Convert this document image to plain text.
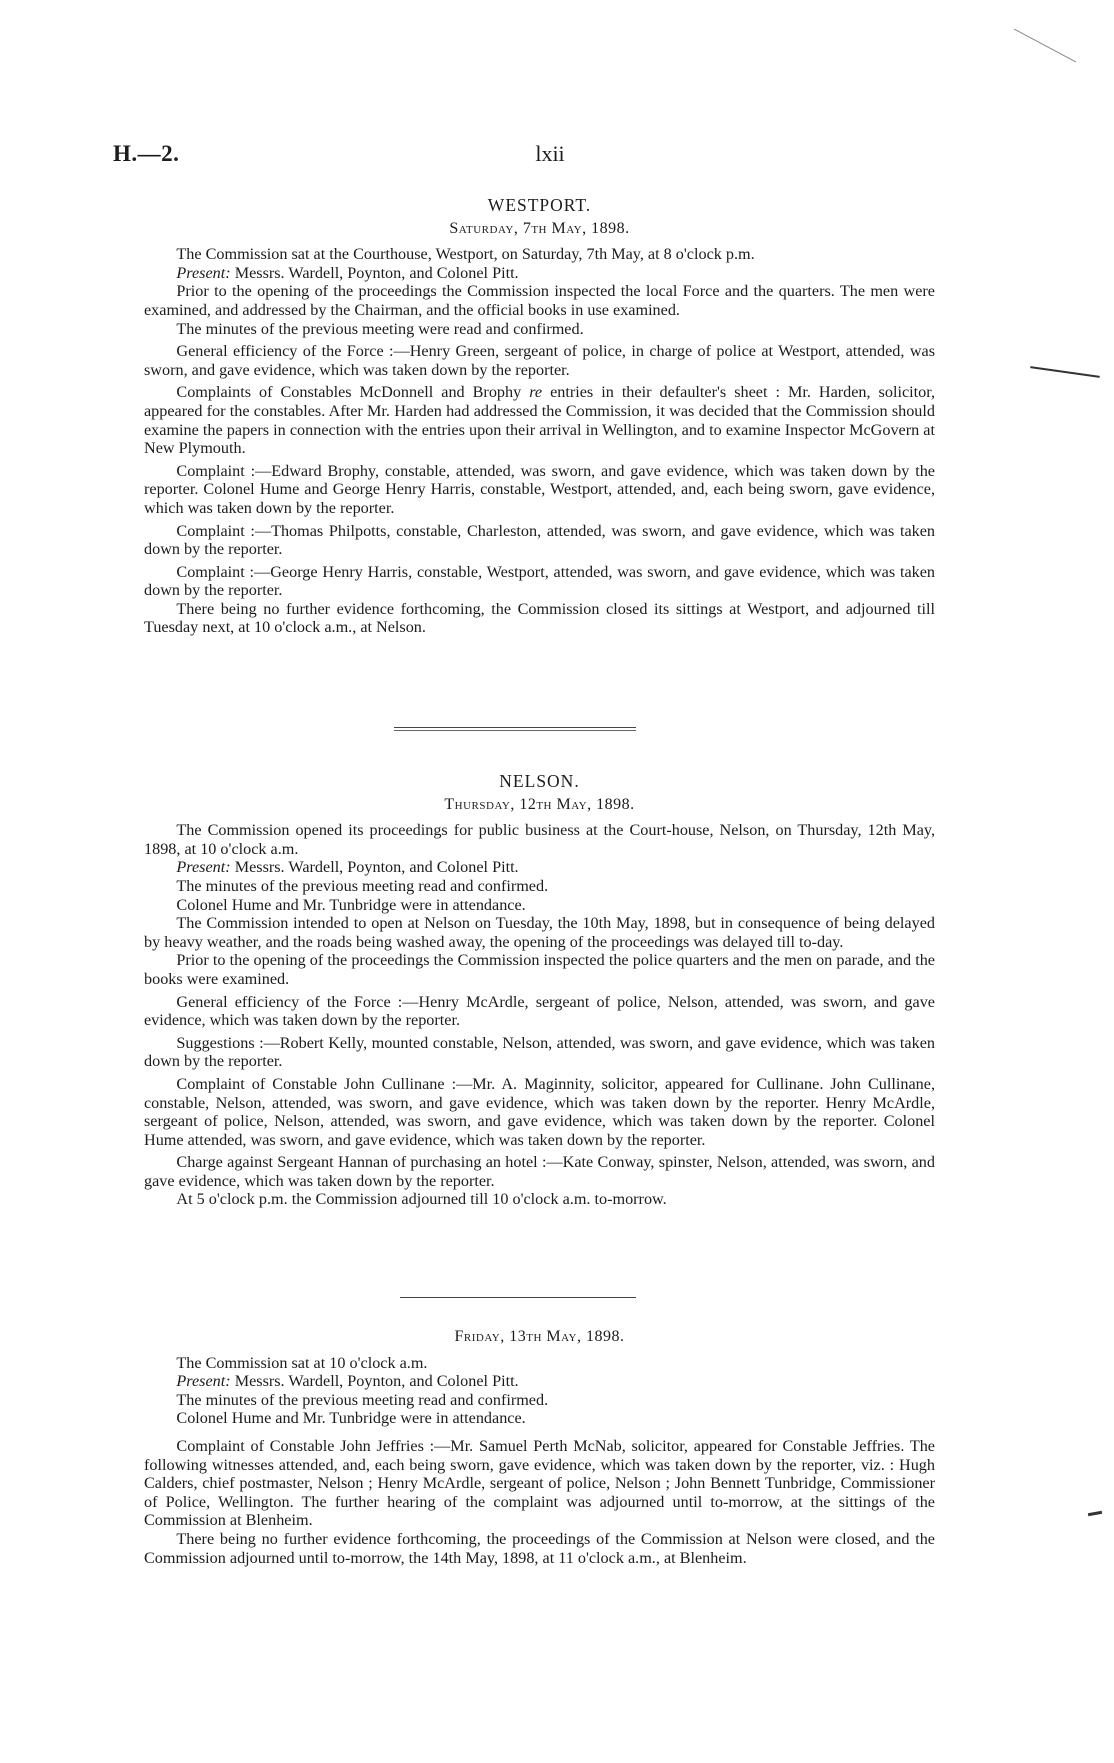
H.—2.	lxii
WESTPORT.
Saturday, 7th May, 1898.

The Commission sat at the Courthouse, Westport, on Saturday, 7th May, at 8 o'clock p.m.

Present: Messrs. Wardell, Poynton, and Colonel Pitt.

Prior to the opening of the proceedings the Commission inspected the local Force and the quarters. The men were examined, and addressed by the Chairman, and the official books in use examined.

The minutes of the previous meeting were read and confirmed.

General efficiency of the Force :—Henry Green, sergeant of police, in charge of police at Westport, attended, was sworn, and gave evidence, which was taken down by the reporter.

Complaints of Constables McDonnell and Brophy re entries in their defaulter's sheet : Mr. Harden, solicitor, appeared for the constables. After Mr. Harden had addressed the Commission, it was decided that the Commission should examine the papers in connection with the entries upon their arrival in Wellington, and to examine Inspector McGovern at New Plymouth.

Complaint :—Edward Brophy, constable, attended, was sworn, and gave evidence, which was taken down by the reporter. Colonel Hume and George Henry Harris, constable, Westport, attended, and, each being sworn, gave evidence, which was taken down by the reporter.

Complaint :—Thomas Philpotts, constable, Charleston, attended, was sworn, and gave evidence, which was taken down by the reporter.

Complaint :—George Henry Harris, constable, Westport, attended, was sworn, and gave evidence, which was taken down by the reporter.

There being no further evidence forthcoming, the Commission closed its sittings at Westport, and adjourned till Tuesday next, at 10 o'clock a.m., at Nelson.

NELSON.
Thursday, 12th May, 1898.

The Commission opened its proceedings for public business at the Court-house, Nelson, on Thursday, 12th May, 1898, at 10 o'clock a.m.

Present: Messrs. Wardell, Poynton, and Colonel Pitt.

The minutes of the previous meeting read and confirmed.

Colonel Hume and Mr. Tunbridge were in attendance.

The Commission intended to open at Nelson on Tuesday, the 10th May, 1898, but in consequence of being delayed by heavy weather, and the roads being washed away, the opening of the proceedings was delayed till to-day.

Prior to the opening of the proceedings the Commission inspected the police quarters and the men on parade, and the books were examined.

General efficiency of the Force :—Henry McArdle, sergeant of police, Nelson, attended, was sworn, and gave evidence, which was taken down by the reporter.

Suggestions :—Robert Kelly, mounted constable, Nelson, attended, was sworn, and gave evidence, which was taken down by the reporter.

Complaint of Constable John Cullinane :—Mr. A. Maginnity, solicitor, appeared for Cullinane. John Cullinane, constable, Nelson, attended, was sworn, and gave evidence, which was taken down by the reporter. Henry McArdle, sergeant of police, Nelson, attended, was sworn, and gave evidence, which was taken down by the reporter. Colonel Hume attended, was sworn, and gave evidence, which was taken down by the reporter.

Charge against Sergeant Hannan of purchasing an hotel :—Kate Conway, spinster, Nelson, attended, was sworn, and gave evidence, which was taken down by the reporter.

At 5 o'clock p.m. the Commission adjourned till 10 o'clock a.m. to-morrow.

Friday, 13th May, 1898.

The Commission sat at 10 o'clock a.m.

Present: Messrs. Wardell, Poynton, and Colonel Pitt.

The minutes of the previous meeting read and confirmed.

Colonel Hume and Mr. Tunbridge were in attendance.

Complaint of Constable John Jeffries :—Mr. Samuel Perth McNab, solicitor, appeared for Constable Jeffries. The following witnesses attended, and, each being sworn, gave evidence, which was taken down by the reporter, viz. : Hugh Calders, chief postmaster, Nelson ; Henry McArdle, sergeant of police, Nelson ; John Bennett Tunbridge, Commissioner of Police, Wellington. The further hearing of the complaint was adjourned until to-morrow, at the sittings of the Commission at Blenheim.

There being no further evidence forthcoming, the proceedings of the Commission at Nelson were closed, and the Commission adjourned until to-morrow, the 14th May, 1898, at 11 o'clock a.m., at Blenheim.
